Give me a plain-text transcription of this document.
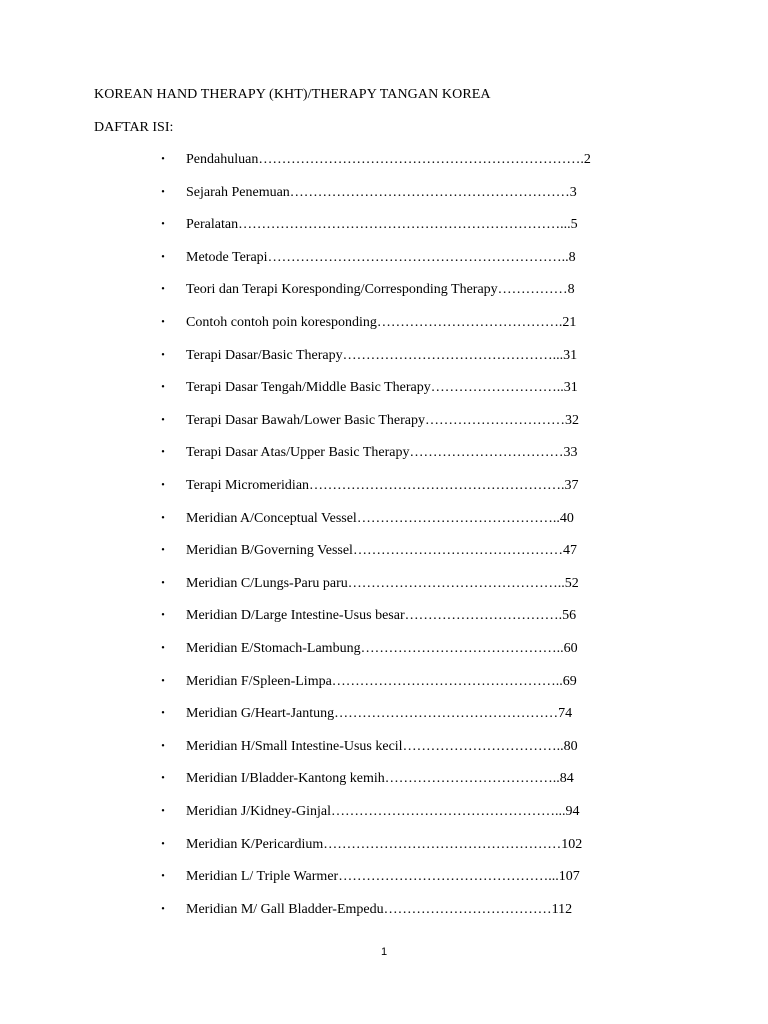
KOREAN HAND THERAPY (KHT)/THERAPY TANGAN KOREA
DAFTAR ISI:
• Pendahuluan…………………………………………………………….2
• Sejarah Penemuan……………………………………………………3
• Peralatan……………………………………………………………...5
• Metode Terapi………………………………………………………..8
• Teori dan Terapi Koresponding/Corresponding Therapy……………8
• Contoh contoh poin koresponding………………………………….21
• Terapi Dasar/Basic Therapy………………………………………...31
• Terapi Dasar Tengah/Middle Basic Therapy………………………..31
• Terapi Dasar Bawah/Lower Basic Therapy…………………………32
• Terapi Dasar Atas/Upper Basic Therapy……………………………33
• Terapi Micromeridian……………………………………………….37
• Meridian A/Conceptual Vessel……………………………………..40
• Meridian B/Governing Vessel………………………………………47
• Meridian C/Lungs-Paru paru………………………………………..52
• Meridian D/Large Intestine-Usus besar…………………………….56
• Meridian E/Stomach-Lambung……………………………………..60
• Meridian F/Spleen-Limpa…………………………………………..69
• Meridian G/Heart-Jantung…………………………………………74
• Meridian H/Small Intestine-Usus kecil……………………………..80
• Meridian I/Bladder-Kantong kemih………………………………..84
• Meridian J/Kidney-Ginjal…………………………………………...94
• Meridian K/Pericardium……………………………………………102
• Meridian L/ Triple Warmer………………………………………...107
• Meridian M/ Gall Bladder-Empedu………………………………112
1
